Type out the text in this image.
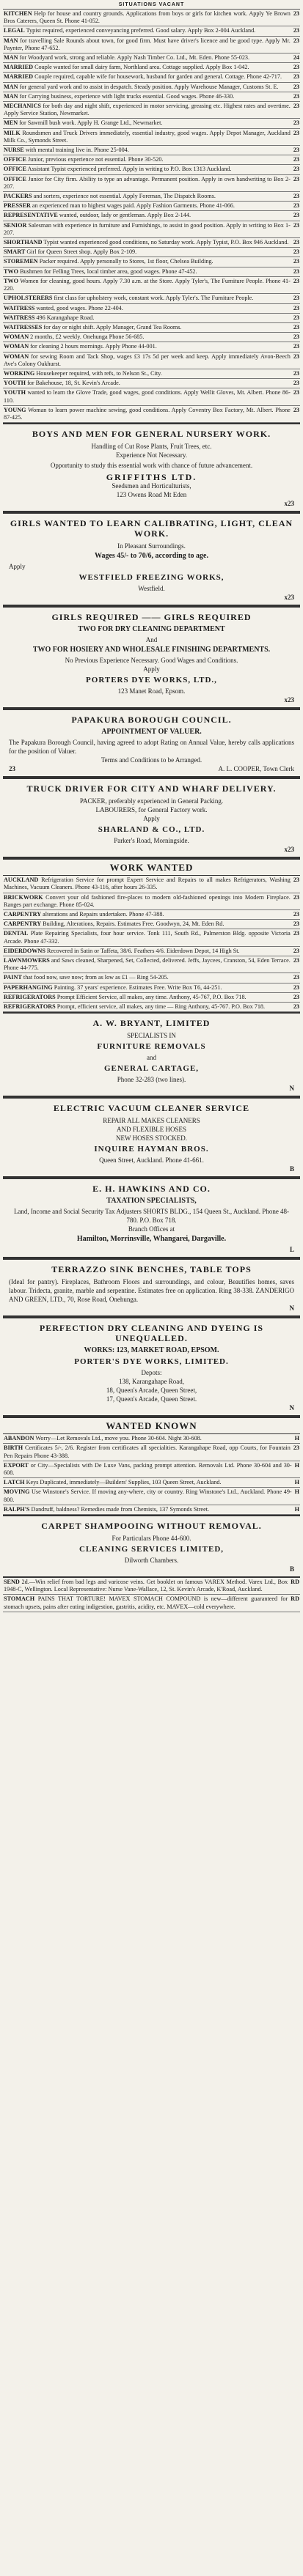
SITUATIONS VACANT
23
KITCHEN Help for house and country grounds. Applications from boys or girls for kitchen work. Apply Ye Brown Bros Caterers, Queen St. Phone 41-052.
23
LEGAL Typist required, experienced conveyancing preferred. Good salary. Apply Box 2-004 Auckland.
23
MAN for travelling Sale Rounds about town, for good firm. Must have driver's licence and be good type. Apply Mr. Paynter, Phone 47-652.
24
MAN for Woodyard work, strong and reliable. Apply Nash Timber Co. Ltd., Mt. Eden. Phone 55-023.
23
MARRIED Couple wanted for small dairy farm, Northland area. Cottage supplied. Apply Box 1-042.
23
MARRIED Couple required, capable wife for housework, husband for garden and general. Cottage. Phone 42-717.
23
MAN for general yard work and to assist in despatch. Steady position. Apply Warehouse Manager, Customs St. E.
23
MAN for Carrying business, experience with light trucks essential. Good wages. Phone 46-330.
23
MECHANICS for both day and night shift, experienced in motor servicing, greasing etc. Highest rates and overtime. Apply Service Station, Newmarket.
23
MEN for Sawmill bush work. Apply H. Grange Ltd., Newmarket.
23
MILK Roundsmen and Truck Drivers immediately, essential industry, good wages. Apply Depot Manager, Auckland Milk Co., Symonds Street.
23
NURSE with mental training live in. Phone 25-004.
23
OFFICE Junior, previous experience not essential. Phone 30-520.
23
OFFICE Assistant Typist experienced preferred. Apply in writing to P.O. Box 1313 Auckland.
23
OFFICE Junior for City firm. Ability to type an advantage. Permanent position. Apply in own handwriting to Box 2-207.
23
PACKERS and sorters, experience not essential. Apply Foreman, The Dispatch Rooms.
23
PRESSER an experienced man to highest wages paid. Apply Fashion Garments. Phone 41-066.
23
REPRESENTATIVE wanted, outdoor, lady or gentleman. Apply Box 2-144.
23
SENIOR Salesman with experience in furniture and Furnishings, to assist in good position. Apply in writing to Box 1-207.
23
SHORTHAND Typist wanted experienced good conditions, no Saturday work. Apply Typist, P.O. Box 946 Auckland.
23
SMART Girl for Queen Street shop. Apply Box 2-109.
23
STOREMEN Packer required. Apply personally to Stores, 1st floor, Chelsea Building.
23
TWO Bushmen for Felling Trees, local timber area, good wages. Phone 47-452.
23
TWO Women for cleaning, good hours. Apply 7.30 a.m. at the Store. Apply Tyler's, The Furniture People. Phone 41-220.
23
UPHOLSTERERS first class for upholstery work, constant work. Apply Tyler's. The Furniture People.
23
WAITRESS wanted, good wages. Phone 22-404.
23
WAITRESS 496 Karangahape Road.
23
WAITRESSES for day or night shift. Apply Manager, Grand Tea Rooms.
23
WOMAN 2 months, £2 weekly. Onehunga Phone 56-685.
23
WOMAN for cleaning 2 hours mornings. Apply Phone 44-001.
23
WOMAN for sewing Room and Tack Shop, wages £3 17s 5d per week and keep. Apply immediately Avon-Beech Ave's Colony Oakhurst.
23
WORKING Housekeeper required, with refs, to Nelson St., City.
23
YOUTH for Bakehouse, 18, St. Kevin's Arcade.
23
YOUTH wanted to learn the Glove Trade, good wages, good conditions. Apply Wellit Gloves, Mt. Albert. Phone 86-110.
23
YOUNG Woman to learn power machine sewing, good conditions. Apply Coventry Box Factory, Mt. Albert. Phone 87-425.
BOYS AND MEN FOR GENERAL NURSERY WORK.
Handling of Cut Rose Plants, Fruit Trees, etc.
Experience Not Necessary.
Opportunity to study this essential work with chance of future advancement.
GRIFFITHS LTD.
Seedsmen and Horticulturists,
123 Owens Road Mt Eden
x23
GIRLS WANTED TO LEARN CALIBRATING, LIGHT, CLEAN WORK.
In Pleasant Surroundings.
Wages 45/- to 70/6, according to age.
Apply
WESTFIELD FREEZING WORKS,
Westfield.
x23
GIRLS REQUIRED —— GIRLS REQUIRED
TWO FOR DRY CLEANING DEPARTMENT
And
TWO FOR HOSIERY AND WHOLESALE FINISHING DEPARTMENTS.
No Previous Experience Necessary. Good Wages and Conditions.
Apply
PORTERS DYE WORKS, LTD.,
123 Manet Road, Epsom.
x23
PAPAKURA BOROUGH COUNCIL.
APPOINTMENT OF VALUER.
The Papakura Borough Council, having agreed to adopt Rating on Annual Value, hereby calls applications for the position of Valuer.
Terms and Conditions to be Arranged.
23	A. L. COOPER, Town Clerk
TRUCK DRIVER FOR CITY AND WHARF DELIVERY.
PACKER, preferably experienced in General Packing.
LABOURERS, for General Factory work.
Apply
SHARLAND & CO., LTD.
Parker's Road, Morningside.
x23
WORK WANTED
23
AUCKLAND Refrigeration Service for prompt Expert Service and Repairs to all makes Refrigerators, Washing Machines, Vacuum Cleaners. Phone 43-116, after hours 26-335.
23
BRICKWORK Convert your old fashioned fire-places to modern old-fashioned openings into Modern Fireplace. Ranges part exchange. Phone 85-024.
23
CARPENTRY alterations and Repairs undertaken. Phone 47-388.
23
CARPENTRY Building, Alterations, Repairs. Estimates Free. Goodwyn, 24, Mt. Eden Rd.
23
DENTAL Plate Repairing Specialists, four hour service. Tonk 111, South Rd., Palmerston Bldg. opposite Victoria Arcade. Phone 47-332.
23
EIDERDOWNS Recovered in Satin or Taffeta, 38/6. Feathers 4/6. Eiderdown Depot, 14 High St.
23
LAWNMOWERS and Saws cleaned, Sharpened, Set, Collected, delivered. Jeffs, Jaycees, Cranston, 54, Eden Terrace. Phone 44-775.
23
PAINT that food now, save now; from as low as £1 — Ring 54-205.
23
PAPERHANGING Painting. 37 years' experience. Estimates Free. Write Box T6, 44-251.
23
REFRIGERATORS Prompt Efficient Service, all makes, any time. Anthony, 45-767, P.O. Box 718.
23
REFRIGERATORS Prompt, efficient service, all makes, any time — Ring Anthony, 45-767. P.O. Box 718.
A. W. BRYANT, LIMITED
SPECIALISTS IN
FURNITURE REMOVALS
and
GENERAL CARTAGE,
Phone 32-283 (two lines).
N
ELECTRIC VACUUM CLEANER SERVICE
REPAIR ALL MAKES CLEANERS
AND FLEXIBLE HOSES
NEW HOSES STOCKED.
INQUIRE HAYMAN BROS.
Queen Street, Auckland. Phone 41-661.
B
E. H. HAWKINS AND CO.
TAXATION SPECIALISTS,
Land, Income and Social Security Tax Adjusters SHORTS BLDG., 154 Queen St., Auckland. Phone 48-780. P.O. Box 718.
Branch Offices at
Hamilton, Morrinsville, Whangarei, Dargaville.
L
TERRAZZO SINK BENCHES, TABLE TOPS
(Ideal for pantry). Fireplaces, Bathroom Floors and surroundings, and colour, Beautifies homes, saves labour. Tridecta, granite, marble and serpentine. Estimates free on application. Ring 38-338. ZANDERIGO AND GREEN, LTD., 70, Rose Road, Onehunga.
N
PERFECTION DRY CLEANING AND DYEING IS UNEQUALLED.
WORKS: 123, MARKET ROAD, EPSOM.
PORTER'S DYE WORKS, LIMITED.
Depots:
138, Karangahape Road,
18, Queen's Arcade, Queen Street,
17, Queen's Arcade, Queen Street.
N
WANTED KNOWN
H
ABANDON Worry—Let Removals Ltd., move you. Phone 30-604. Night 30-608.
23
BIRTH Certificates 5/-, 2/6. Register from certificates all specialities. Karangahape Road, opp Courts, for Fountain Pen Repairs Phone 43-388.
H
EXPORT or City—Specialists with De Luxe Vans, packing prompt attention. Removals Ltd. Phone 30-604 and 30-608.
H
LATCH Keys Duplicated, immediately—Builders' Supplies, 103 Queen Street, Auckland.
H
MOVING Use Winstone's Service. If moving any-where, city or country. Ring Winstone's Ltd., Auckland. Phone 49-800.
H
RALPH'S Dandruff, baldness? Remedies made from Chemists, 137 Symonds Street.
CARPET SHAMPOOING WITHOUT REMOVAL.
For Particulars Phone 44-600.
CLEANING SERVICES LIMITED,
Dilworth Chambers.
B
RD
SEND 2d.—Win relief from bad legs and varicose veins. Get booklet on famous VAREX Method. Varex Ltd., Box 1948-C, Wellington. Local Representative: Nurse Vane-Wallace, 12, St. Kevin's Arcade, K'Road, Auckland.
RD
STOMACH PAINS THAT TORTURE! MAVEX STOMACH COMPOUND is new—different guaranteed for stomach upsets, pains after eating indigestion, gastritis, acidity, etc. MAVEX—cold everywhere.
